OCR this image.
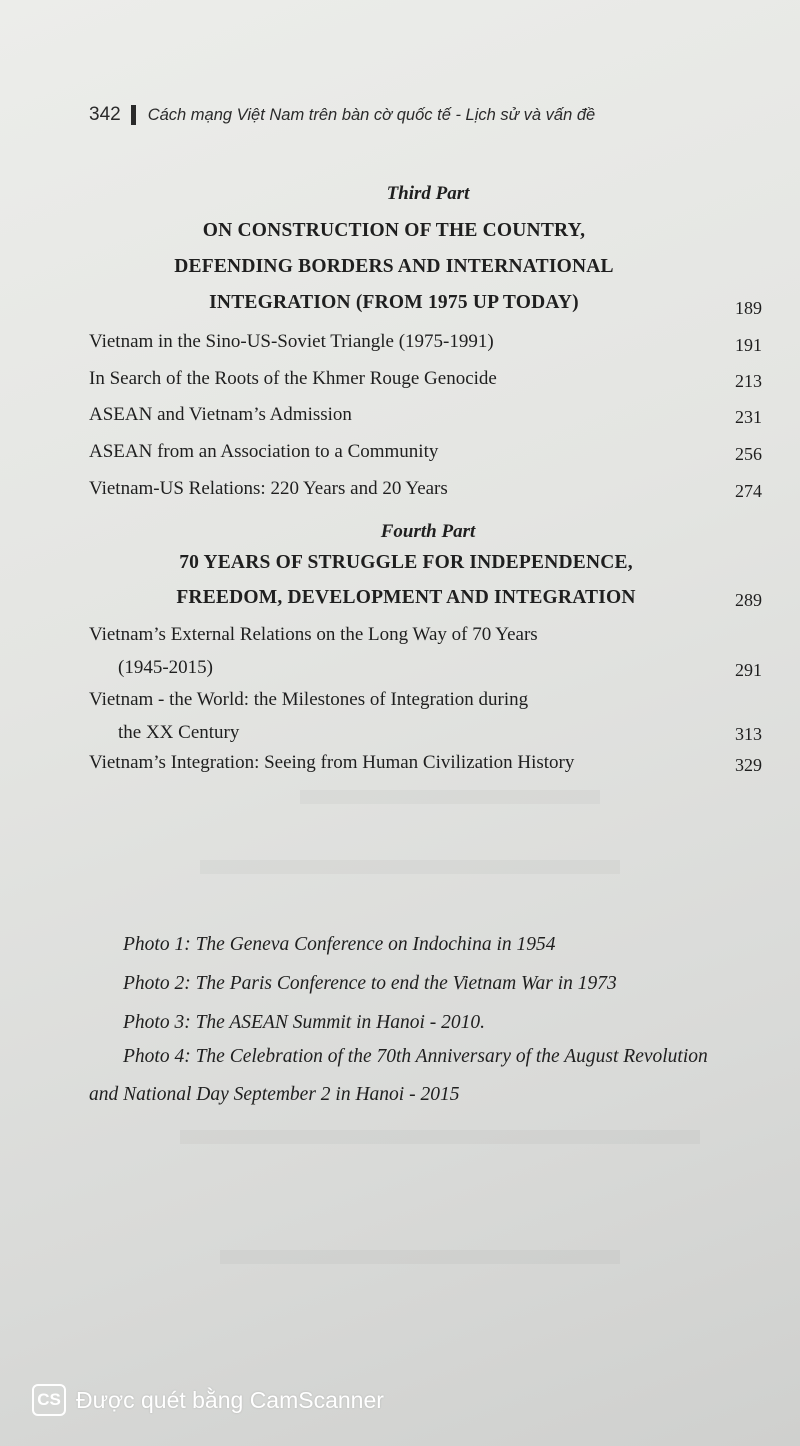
342 Cách mạng Việt Nam trên bàn cờ quốc tế - Lịch sử và vấn đề
Third Part
ON CONSTRUCTION OF THE COUNTRY,
DEFENDING BORDERS AND INTERNATIONAL
INTEGRATION (FROM 1975 UP TODAY)	189
Vietnam in the Sino-US-Soviet Triangle (1975-1991)	191
In Search of the Roots of the Khmer Rouge Genocide	213
ASEAN and Vietnam’s Admission	231
ASEAN from an Association to a Community	256
Vietnam-US Relations: 220 Years and 20 Years	274
Fourth Part
70 YEARS OF STRUGGLE FOR INDEPENDENCE,
FREEDOM, DEVELOPMENT AND INTEGRATION	289
Vietnam’s External Relations on the Long Way of 70 Years
(1945-2015)	291
Vietnam - the World: the Milestones of Integration during
the XX Century	313
Vietnam’s Integration: Seeing from Human Civilization History	329
Photo 1: The Geneva Conference on Indochina in 1954
Photo 2: The Paris Conference to end the Vietnam War in 1973
Photo 3: The ASEAN Summit in Hanoi - 2010.
Photo 4: The Celebration of the 70th Anniversary of the August Revolution
and National Day September 2 in Hanoi - 2015
CS Được quét bằng CamScanner
